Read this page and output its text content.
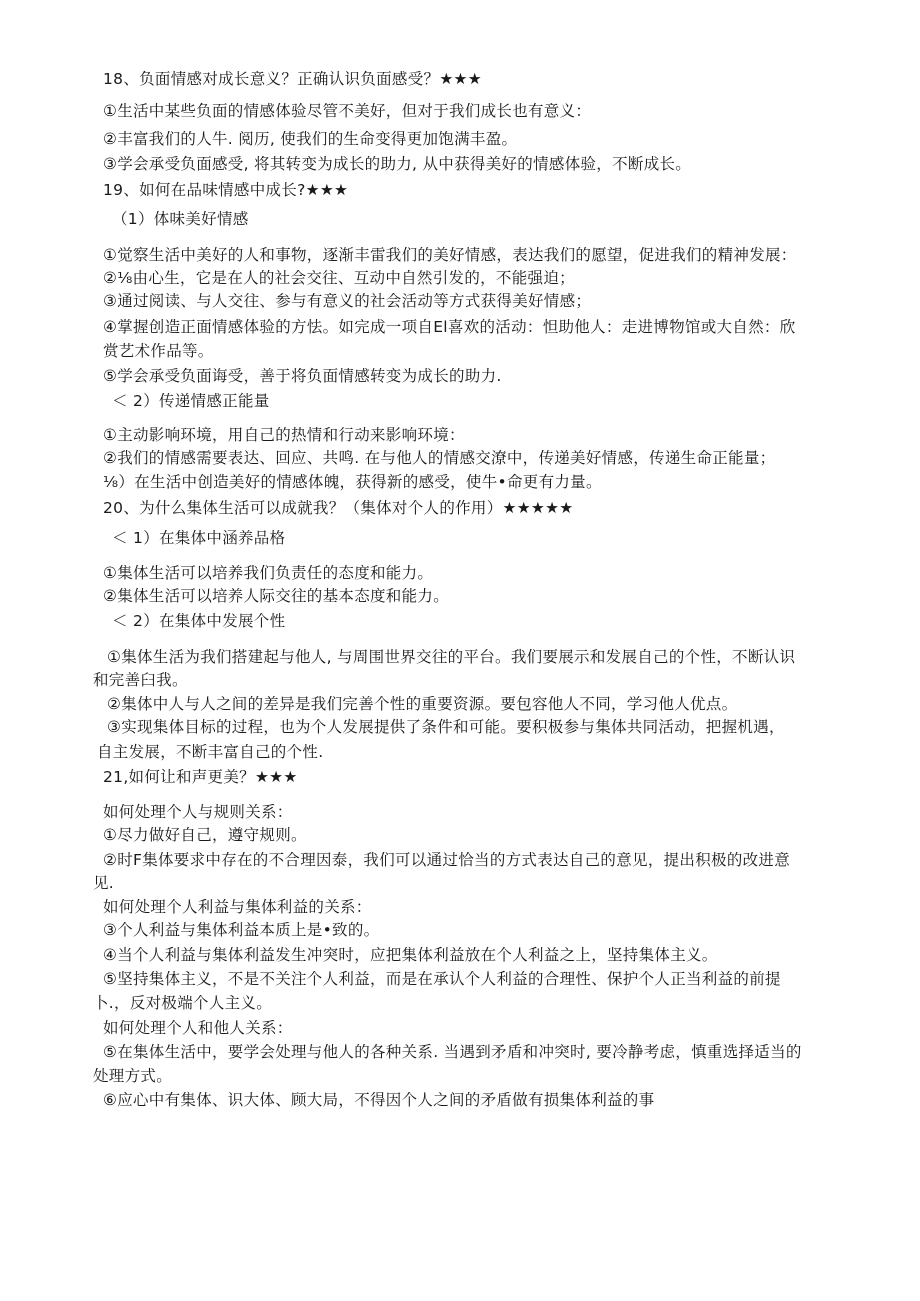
18、负面情感对成长意义？正确认识负面感受？★★★
①生活中某些负面的情感体验尽管不美好，但对于我们成长也有意义：
②丰富我们的人牛. 阅历, 使我们的生命变得更加饱满丰盈。
③学会承受负面感受, 将其转变为成长的助力, 从中获得美好的情感体验，不断成长。
19、如何在品味情感中成长?★★★
（1）体味美好情感
①觉察生活中美好的人和事物，逐渐丰雷我们的美好情感，表达我们的愿望，促进我们的精神发展：
②⅛由心生，它是在人的社会交往、互动中自然引发的，不能强迫；
③通过阅读、与人交往、参与有意义的社会活动等方式获得美好情感；
④掌握创造正面情感体验的方怯。如完成一项自El喜欢的活动：怛助他人：走进博物馆或大自然：欣
赏艺术作品等。
⑤学会承受负面诲受，善于将负面情感转变为成长的助力.
＜ 2）传递情感正能量
①主动影响环境，用自己的热情和行动来影响环境：
②我们的情感需要表达、回应、共鸣. 在与他人的情感交潦中，传递美好情感，传递生命正能量；
⅛）在生活中创造美好的情感体魄，获得新的感受，使牛•命更有力量。
20、为什么集体生活可以成就我？（集体对个人的作用）★★★★★
＜ 1）在集体中涵养品格
①集体生活可以培养我们负责任的态度和能力。
②集体生活可以培养人际交往的基本态度和能力。
＜ 2）在集体中发展个性
①集体生活为我们搭建起与他人, 与周围世界交往的平台。我们要展示和发展自己的个性，不断认识
和完善臼我。
②集体中人与人之间的差异是我们完善个性的重要资源。要包容他人不同，学习他人优点。
③实现集体目标的过程，也为个人发展提供了条件和可能。要积极参与集体共同活动，把握机遇，
自主发展，不断丰富自己的个性.
21,如何让和声更美？★★★
如何处理个人与规则关系：
①尽力做好自己，遵守规则。
②时F集体要求中存在的不合理因泰，我们可以通过恰当的方式表达自己的意见，提出积极的改进意
见.
如何处理个人利益与集体利益的关系：
③个人利益与集体利益本质上是•致的。
④当个人利益与集体利益发生冲突时，应把集体利益放在个人利益之上，坚持集体主义。
⑤坚持集体主义，不是不关注个人利益，而是在承认个人利益的合理性、保护个人正当利益的前提
卜.，反对极端个人主义。
如何处理个人和他人关系：
⑤在集体生活中，要学会处理与他人的各种关系. 当遇到矛盾和冲突时, 要冷静考虑，慎重选择适当的
处理方式。
⑥应心中有集体、识大体、顾大局，不得因个人之间的矛盾做有损集体利益的事
